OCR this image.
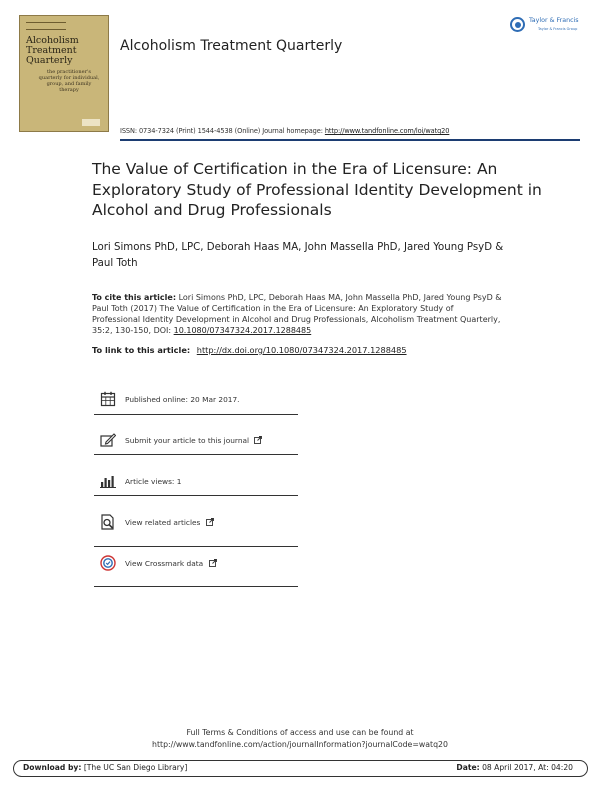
Alcoholism Treatment Quarterly
the practitioner's quarterly for individual, group, and family therapy
Alcoholism Treatment Quarterly
Taylor & Francis
Taylor & Francis Group
ISSN: 0734-7324 (Print) 1544-4538 (Online) Journal homepage: http://www.tandfonline.com/loi/watq20
The Value of Certification in the Era of Licensure: An Exploratory Study of Professional Identity Development in Alcohol and Drug Professionals
Lori Simons PhD, LPC, Deborah Haas MA, John Massella PhD, Jared Young PsyD & Paul Toth
To cite this article: Lori Simons PhD, LPC, Deborah Haas MA, John Massella PhD, Jared Young PsyD & Paul Toth (2017) The Value of Certification in the Era of Licensure: An Exploratory Study of Professional Identity Development in Alcohol and Drug Professionals, Alcoholism Treatment Quarterly, 35:2, 130-150, DOI: 10.1080/07347324.2017.1288485
To link to this article: http://dx.doi.org/10.1080/07347324.2017.1288485
Published online: 20 Mar 2017.
Submit your article to this journal
Article views: 1
View related articles
View Crossmark data
Full Terms & Conditions of access and use can be found at
http://www.tandfonline.com/action/journalInformation?journalCode=watq20
Download by: [The UC San Diego Library]	Date: 08 April 2017, At: 04:20
